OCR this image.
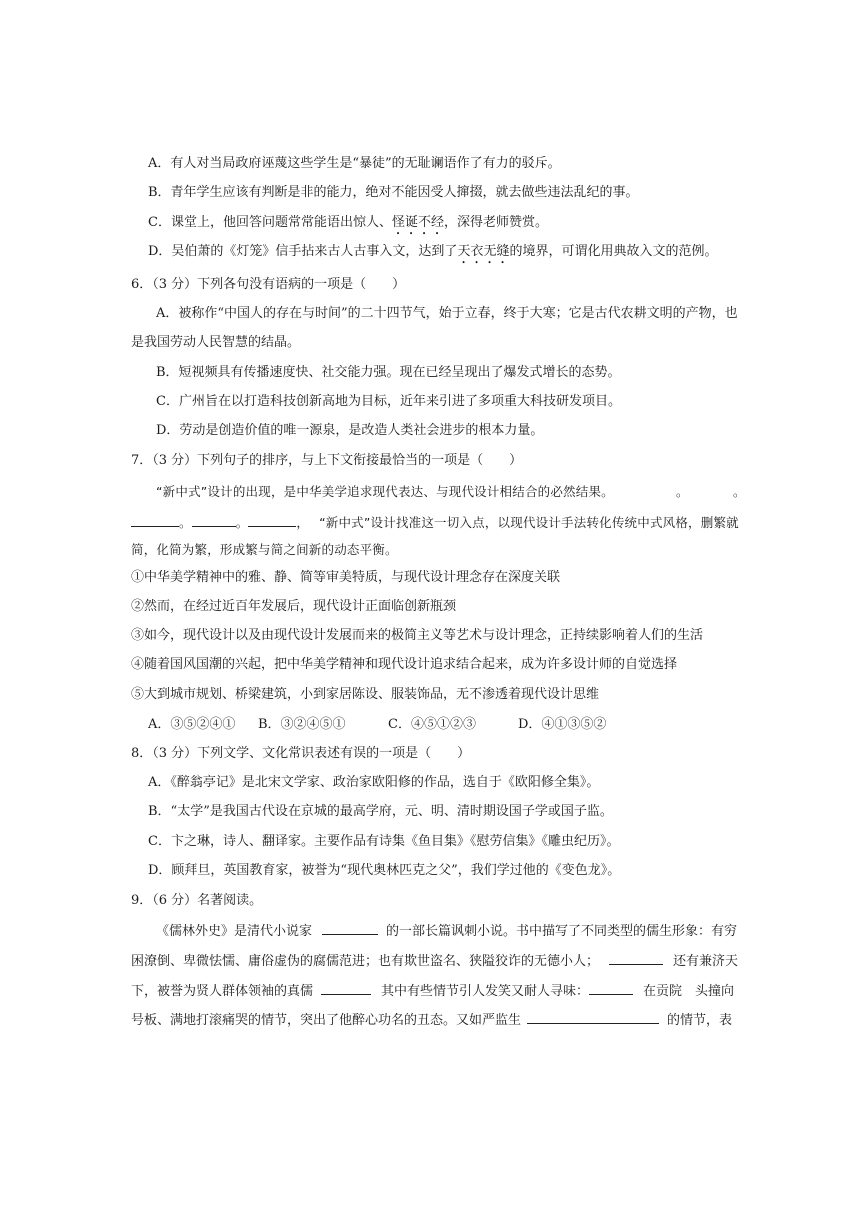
A．有人对当局政府诬蔑这些学生是“暴徒”的无耻谰语作了有力的驳斥。
B．青年学生应该有判断是非的能力，绝对不能因受人撺掇，就去做些违法乱纪的事。
C．课堂上，他回答问题常常能语出惊人、怪诞不经，深得老师赞赏。
D．吴伯萧的《灯笼》信手拈来古人古事入文，达到了天衣无缝的境界，可谓化用典故入文的范例。
6．（3 分）下列各句没有语病的一项是（　　）
A．被称作“中国人的存在与时间”的二十四节气，始于立春，终于大寒；它是古代农耕文明的产物，也
是我国劳动人民智慧的结晶。
B．短视频具有传播速度快、社交能力强。现在已经呈现出了爆发式增长的态势。
C．广州旨在以打造科技创新高地为目标，近年来引进了多项重大科技研发项目。
D．劳动是创造价值的唯一源泉，是改造人类社会进步的根本力量。
7．（3 分）下列句子的排序，与上下文衔接最恰当的一项是（　　）
“新中式”设计的出现，是中华美学追求现代表达、与现代设计相结合的必然结果。	。	。
。	。	， “新中式”设计找准这一切入点，以现代设计手法转化传统中式风格，删繁就
简，化简为繁，形成繁与简之间新的动态平衡。
①中华美学精神中的雅、静、简等审美特质，与现代设计理念存在深度关联
②然而，在经过近百年发展后，现代设计正面临创新瓶颈
③如今，现代设计以及由现代设计发展而来的极简主义等艺术与设计理念，正持续影响着人们的生活
④随着国风国潮的兴起，把中华美学精神和现代设计追求结合起来，成为许多设计师的自觉选择
⑤大到城市规划、桥梁建筑，小到家居陈设、服装饰品，无不渗透着现代设计思维
A．③⑤②④① B．③②④⑤①	C．④⑤①②③	D．④①③⑤②
8．（3 分）下列文学、文化常识表述有误的一项是（　　）
A．《醉翁亭记》是北宋文学家、政治家欧阳修的作品，选自于《欧阳修全集》。
B．“太学”是我国古代设在京城的最高学府，元、明、清时期设国子学或国子监。
C．卞之琳，诗人、翻译家。主要作品有诗集《鱼目集》《慰劳信集》《雕虫纪历》。
D．顾拜旦，英国教育家，被誉为“现代奥林匹克之父”，我们学过他的《变色龙》。
9．（6 分）名著阅读。
《儒林外史》是清代小说家	的一部长篇讽刺小说。书中描写了不同类型的儒生形象：有穷
困潦倒、卑微怯懦、庸俗虚伪的腐儒范进；也有欺世盗名、狭隘狡诈的无德小人；	还有兼济天
下，被誉为贤人群体领袖的真儒	其中有些情节引人发笑又耐人寻味：	在贡院 头撞向
号板、满地打滚痛哭的情节，突出了他醉心功名的丑态。又如严监生	的情节，表
